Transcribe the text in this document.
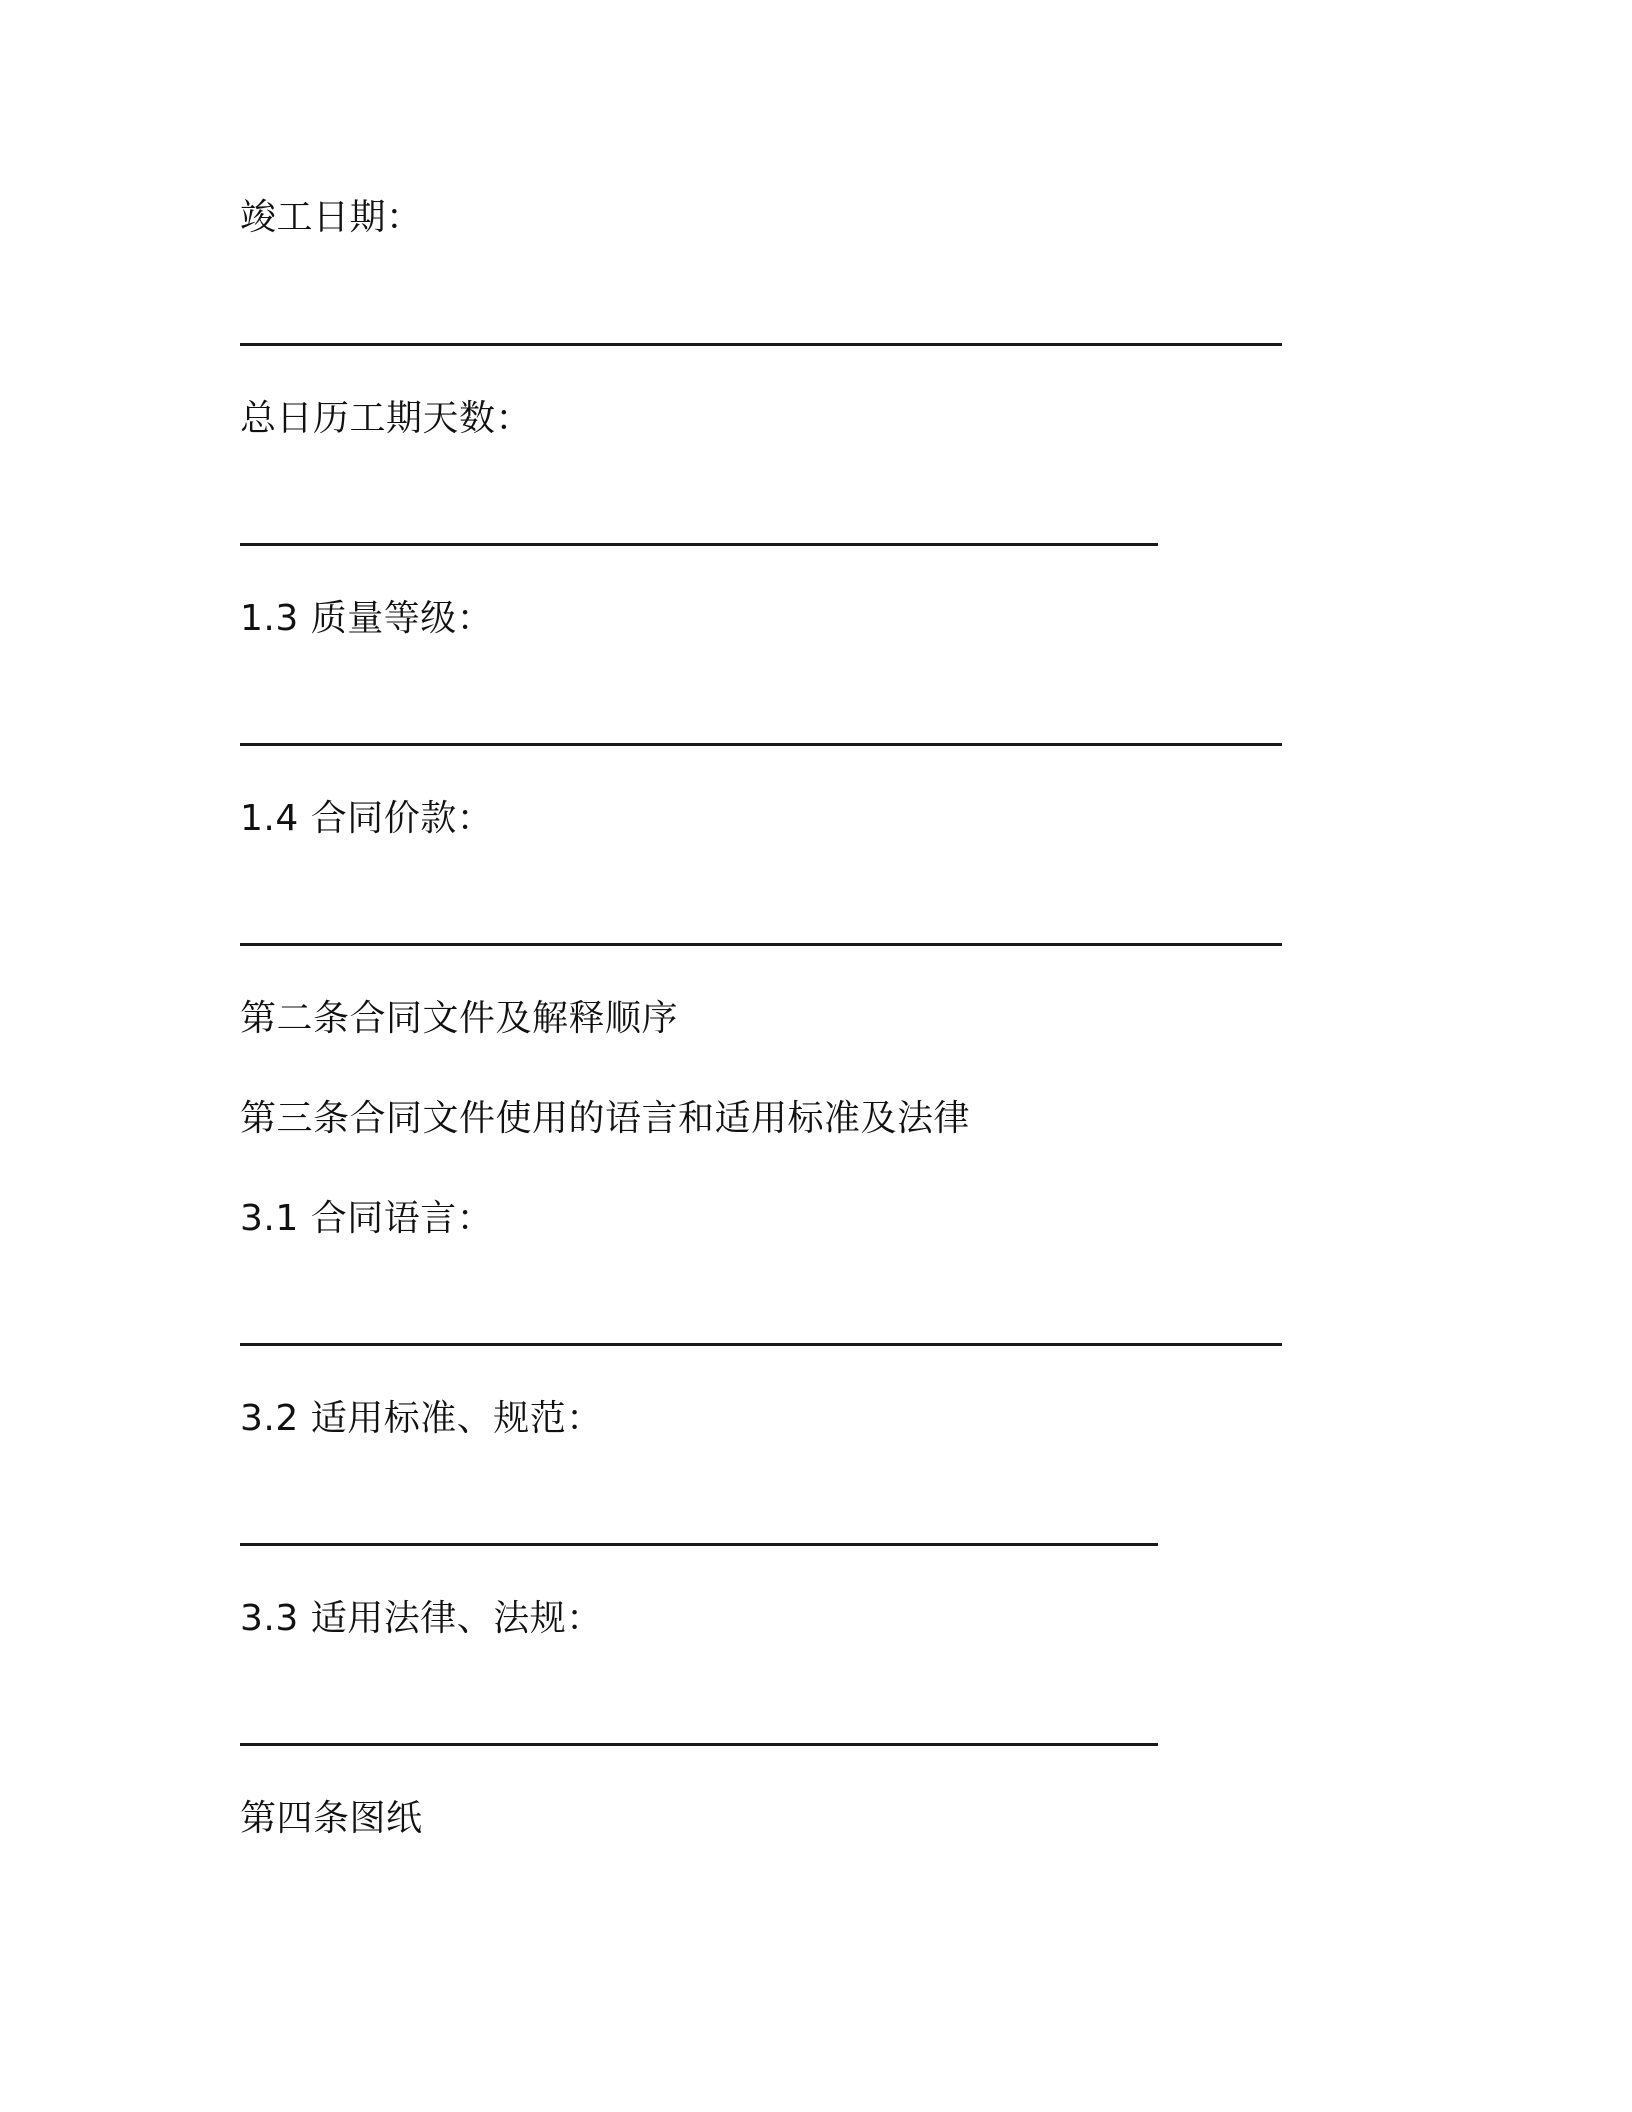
竣工日期：
总日历工期天数：
1.3 质量等级：
1.4 合同价款：
第二条合同文件及解释顺序
第三条合同文件使用的语言和适用标准及法律
3.1 合同语言：
3.2 适用标准、规范：
3.3 适用法律、法规：
第四条图纸
